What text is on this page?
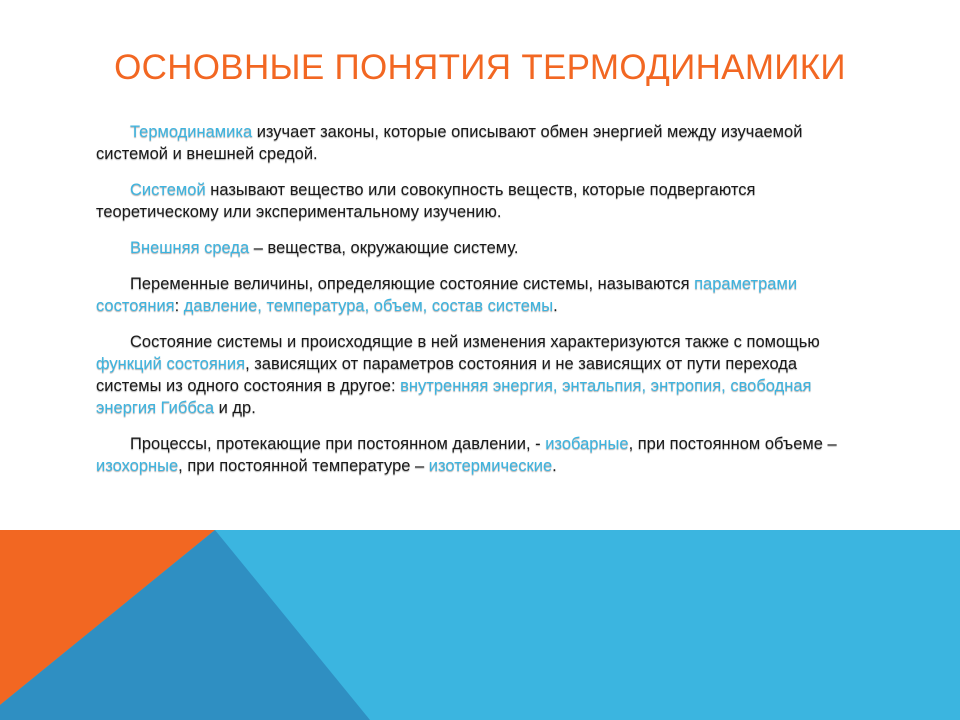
ОСНОВНЫЕ ПОНЯТИЯ ТЕРМОДИНАМИКИ

Термодинамика изучает законы, которые описывают обмен энергией между изучаемой системой и внешней средой.

Системой называют вещество или совокупность веществ, которые подвергаются теоретическому или экспериментальному изучению.

Внешняя среда – вещества, окружающие систему.

Переменные величины, определяющие состояние системы, называются параметрами состояния: давление, температура, объем, состав системы.

Состояние системы и происходящие в ней изменения характеризуются также с помощью функций состояния, зависящих от параметров состояния и не зависящих от пути перехода системы из одного состояния в другое: внутренняя энергия, энтальпия, энтропия, свободная энергия Гиббса и др.

Процессы, протекающие при постоянном давлении, - изобарные, при постоянном объеме – изохорные, при постоянной температуре – изотермические.
